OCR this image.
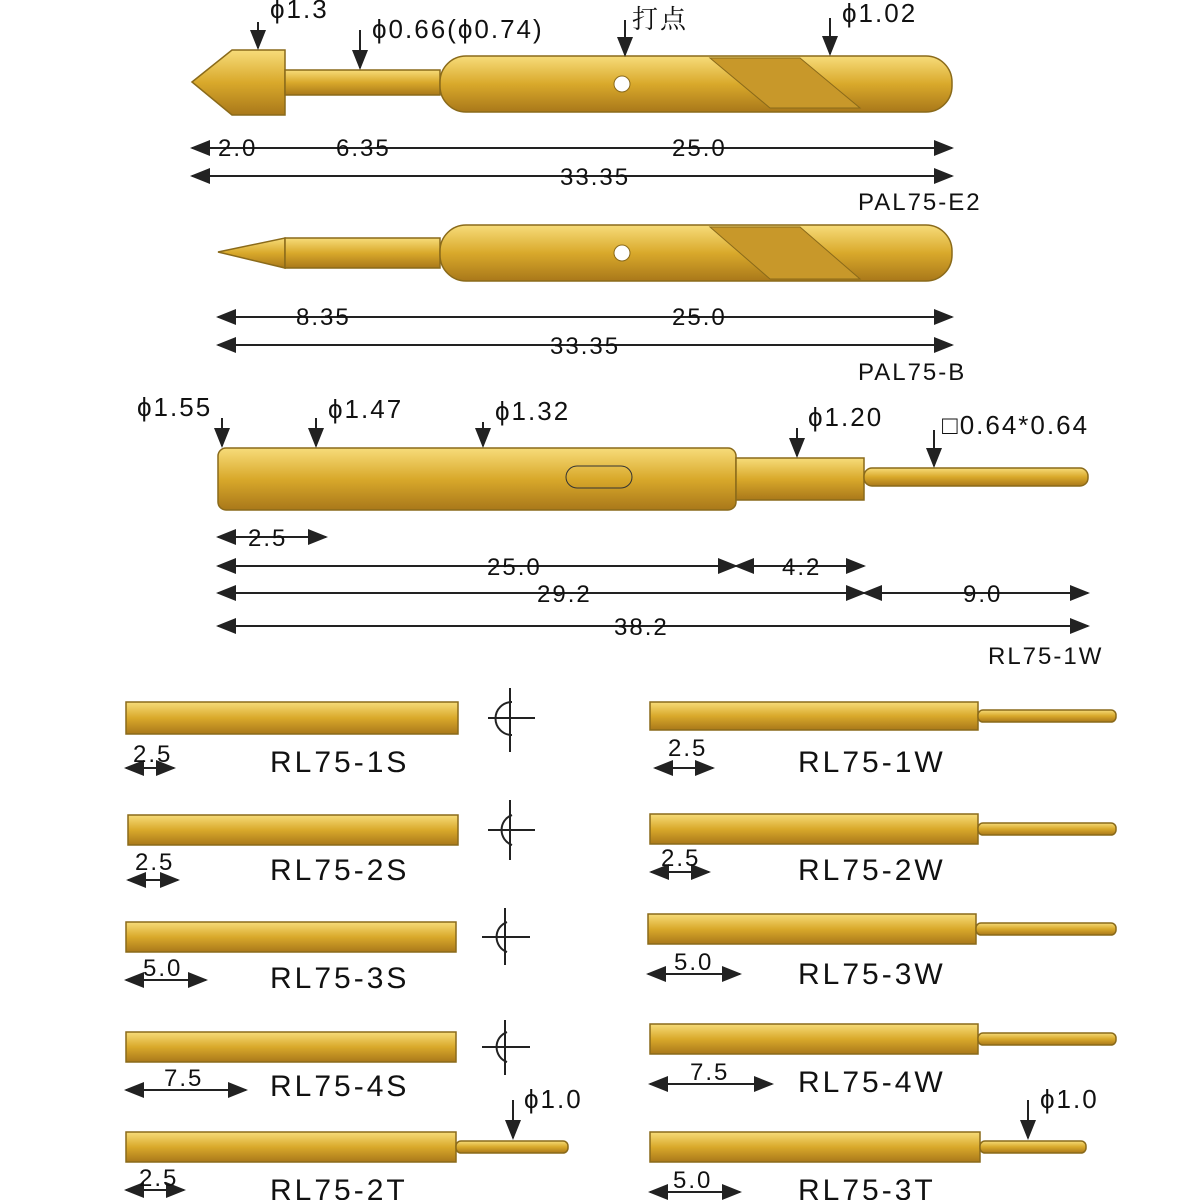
ϕ1.3
ϕ0.66(ϕ0.74)	打点	ϕ1.02
2.0	6.35	25.0
33.35
PAL75-E2
8.35	25.0
33.35
PAL75-B
ϕ1.55	ϕ1.47	ϕ1.32	ϕ1.20 □0.64*0.64
2.5
25.0	4.2
29.2	9.0
38.2
RL75-1W
2.5	RL75-1S
2.5	RL75-2S
5.0	RL75-3S
7.5 RL75-4S	ϕ1.0
2.5	RL75-2T
2.5	RL75-1W
2.5	RL75-2W
5.0	RL75-3W
7.5 RL75-4W	ϕ1.0
5.0	RL75-3T
